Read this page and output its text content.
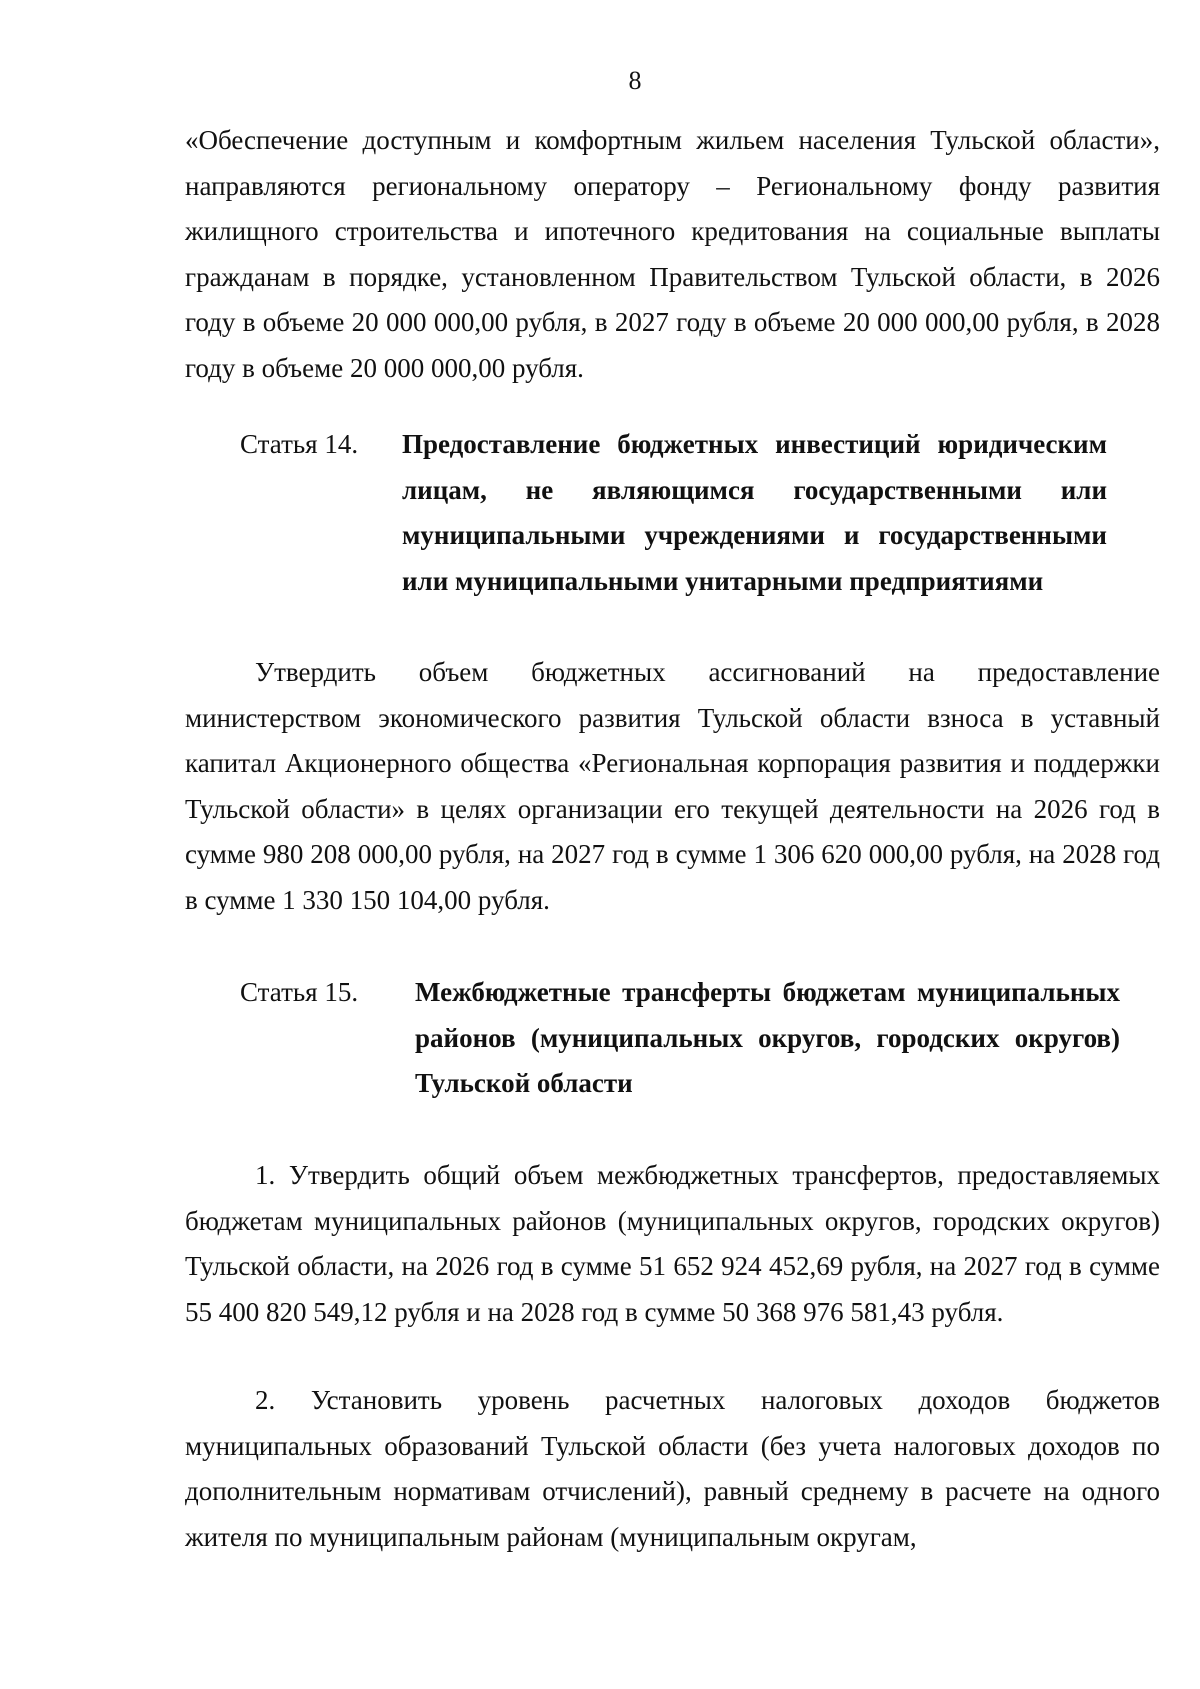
8

«Обеспечение доступным и комфортным жильем населения Тульской области», направляются региональному оператору – Региональному фонду развития жилищного строительства и ипотечного кредитования на социальные выплаты гражданам в порядке, установленном Правительством Тульской области, в 2026 году в объеме 20 000 000,00 рубля, в 2027 году в объеме 20 000 000,00 рубля, в 2028 году в объеме 20 000 000,00 рубля.

Статья 14. Предоставление бюджетных инвестиций юридическим лицам, не являющимся государственными или муниципальными учреждениями и государственными или муниципальными унитарными предприятиями

Утвердить объем бюджетных ассигнований на предоставление министерством экономического развития Тульской области взноса в уставный капитал Акционерного общества «Региональная корпорация развития и поддержки Тульской области» в целях организации его текущей деятельности на 2026 год в сумме 980 208 000,00 рубля, на 2027 год в сумме 1 306 620 000,00 рубля, на 2028 год в сумме 1 330 150 104,00 рубля.

Статья 15. Межбюджетные трансферты бюджетам муниципальных районов (муниципальных округов, городских округов) Тульской области

1. Утвердить общий объем межбюджетных трансфертов, предоставляемых бюджетам муниципальных районов (муниципальных округов, городских округов) Тульской области, на 2026 год в сумме 51 652 924 452,69 рубля, на 2027 год в сумме 55 400 820 549,12 рубля и на 2028 год в сумме 50 368 976 581,43 рубля.

2. Установить уровень расчетных налоговых доходов бюджетов муниципальных образований Тульской области (без учета налоговых доходов по дополнительным нормативам отчислений), равный среднему в расчете на одного жителя по муниципальным районам (муниципальным округам,
